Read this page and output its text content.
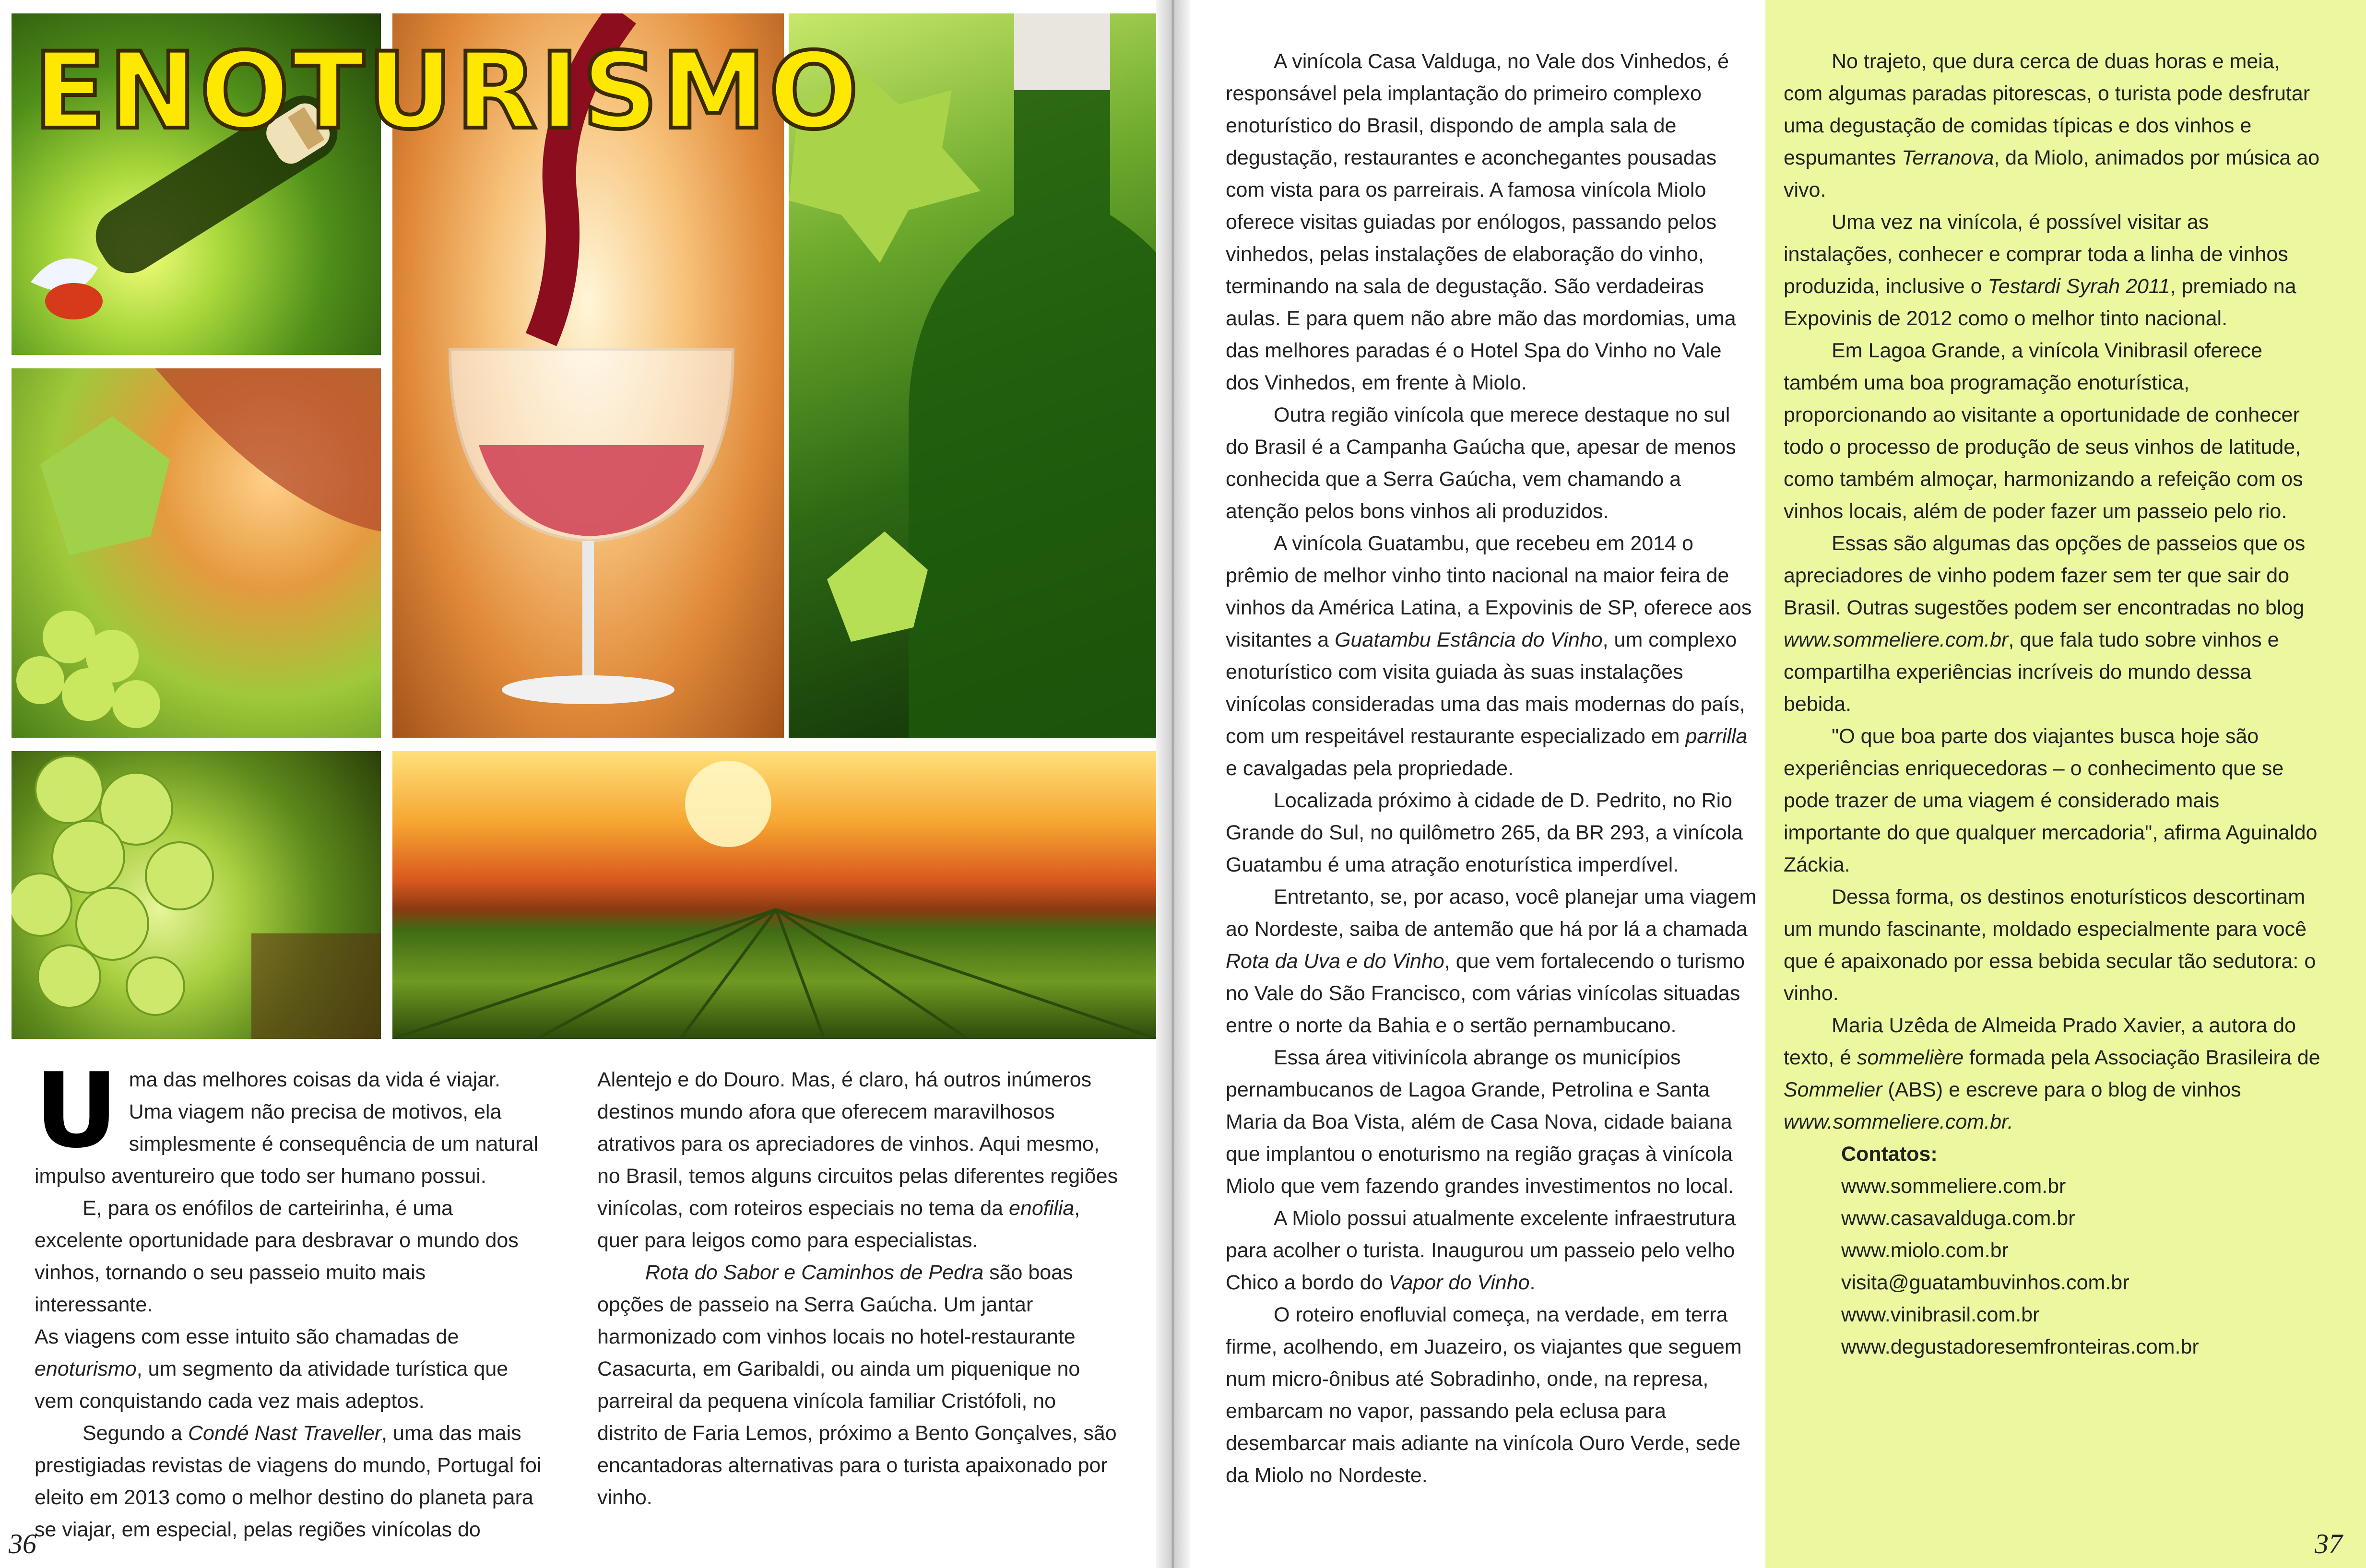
ENOTURISMO
U ma das melhores coisas da vida é viajar. Uma viagem não precisa de motivos, ela simplesmente é consequência de um natural impulso aventureiro que todo ser humano possui.

E, para os enófilos de carteirinha, é uma excelente oportunidade para desbravar o mundo dos vinhos, tornando o seu passeio muito mais interessante.

As viagens com esse intuito são chamadas de enoturismo, um segmento da atividade turística que vem conquistando cada vez mais adeptos.

Segundo a Condé Nast Traveller, uma das mais prestigiadas revistas de viagens do mundo, Portugal foi eleito em 2013 como o melhor destino do planeta para se viajar, em especial, pelas regiões vinícolas do

Alentejo e do Douro. Mas, é claro, há outros inúmeros destinos mundo afora que oferecem maravilhosos atrativos para os apreciadores de vinhos. Aqui mesmo, no Brasil, temos alguns circuitos pelas diferentes regiões vinícolas, com roteiros especiais no tema da enofilia, quer para leigos como para especialistas.

Rota do Sabor e Caminhos de Pedra são boas opções de passeio na Serra Gaúcha. Um jantar harmonizado com vinhos locais no hotel-restaurante Casacurta, em Garibaldi, ou ainda um piquenique no parreiral da pequena vinícola familiar Cristófoli, no distrito de Faria Lemos, próximo a Bento Gonçalves, são encantadoras alternativas para o turista apaixonado por vinho.

36

A vinícola Casa Valduga, no Vale dos Vinhedos, é responsável pela implantação do primeiro complexo enoturístico do Brasil, dispondo de ampla sala de degustação, restaurantes e aconchegantes pousadas com vista para os parreirais. A famosa vinícola Miolo oferece visitas guiadas por enólogos, passando pelos vinhedos, pelas instalações de elaboração do vinho, terminando na sala de degustação. São verdadeiras aulas. E para quem não abre mão das mordomias, uma das melhores paradas é o Hotel Spa do Vinho no Vale dos Vinhedos, em frente à Miolo.

Outra região vinícola que merece destaque no sul do Brasil é a Campanha Gaúcha que, apesar de menos conhecida que a Serra Gaúcha, vem chamando a atenção pelos bons vinhos ali produzidos.

A vinícola Guatambu, que recebeu em 2014 o prêmio de melhor vinho tinto nacional na maior feira de vinhos da América Latina, a Expovinis de SP, oferece aos visitantes a Guatambu Estância do Vinho, um complexo enoturístico com visita guiada às suas instalações vinícolas consideradas uma das mais modernas do país, com um respeitável restaurante especializado em parrilla e cavalgadas pela propriedade.

Localizada próximo à cidade de D. Pedrito, no Rio Grande do Sul, no quilômetro 265, da BR 293, a vinícola Guatambu é uma atração enoturística imperdível.

Entretanto, se, por acaso, você planejar uma viagem ao Nordeste, saiba de antemão que há por lá a chamada Rota da Uva e do Vinho, que vem fortalecendo o turismo no Vale do São Francisco, com várias vinícolas situadas entre o norte da Bahia e o sertão pernambucano.

Essa área vitivinícola abrange os municípios pernambucanos de Lagoa Grande, Petrolina e Santa Maria da Boa Vista, além de Casa Nova, cidade baiana que implantou o enoturismo na região graças à vinícola Miolo que vem fazendo grandes investimentos no local.

A Miolo possui atualmente excelente infraestrutura para acolher o turista. Inaugurou um passeio pelo velho Chico a bordo do Vapor do Vinho.

O roteiro enofluvial começa, na verdade, em terra firme, acolhendo, em Juazeiro, os viajantes que seguem num micro-ônibus até Sobradinho, onde, na represa, embarcam no vapor, passando pela eclusa para desembarcar mais adiante na vinícola Ouro Verde, sede da Miolo no Nordeste.

No trajeto, que dura cerca de duas horas e meia, com algumas paradas pitorescas, o turista pode desfrutar uma degustação de comidas típicas e dos vinhos e espumantes Terranova, da Miolo, animados por música ao vivo.

Uma vez na vinícola, é possível visitar as instalações, conhecer e comprar toda a linha de vinhos produzida, inclusive o Testardi Syrah 2011, premiado na Expovinis de 2012 como o melhor tinto nacional.

Em Lagoa Grande, a vinícola Vinibrasil oferece também uma boa programação enoturística, proporcionando ao visitante a oportunidade de conhecer todo o processo de produção de seus vinhos de latitude, como também almoçar, harmonizando a refeição com os vinhos locais, além de poder fazer um passeio pelo rio.

Essas são algumas das opções de passeios que os apreciadores de vinho podem fazer sem ter que sair do Brasil. Outras sugestões podem ser encontradas no blog www.sommeliere.com.br, que fala tudo sobre vinhos e compartilha experiências incríveis do mundo dessa bebida.

"O que boa parte dos viajantes busca hoje são experiências enriquecedoras – o conhecimento que se pode trazer de uma viagem é considerado mais importante do que qualquer mercadoria", afirma Aguinaldo Záckia.

Dessa forma, os destinos enoturísticos descortinam um mundo fascinante, moldado especialmente para você que é apaixonado por essa bebida secular tão sedutora: o vinho.

Maria Uzêda de Almeida Prado Xavier, a autora do texto, é sommelière formada pela Associação Brasileira de Sommelier (ABS) e escreve para o blog de vinhos www.sommeliere.com.br.

Contatos:

www.sommeliere.com.br

www.casavalduga.com.br

www.miolo.com.br

visita@guatambuvinhos.com.br

www.vinibrasil.com.br

www.degustadoresemfronteiras.com.br

37
